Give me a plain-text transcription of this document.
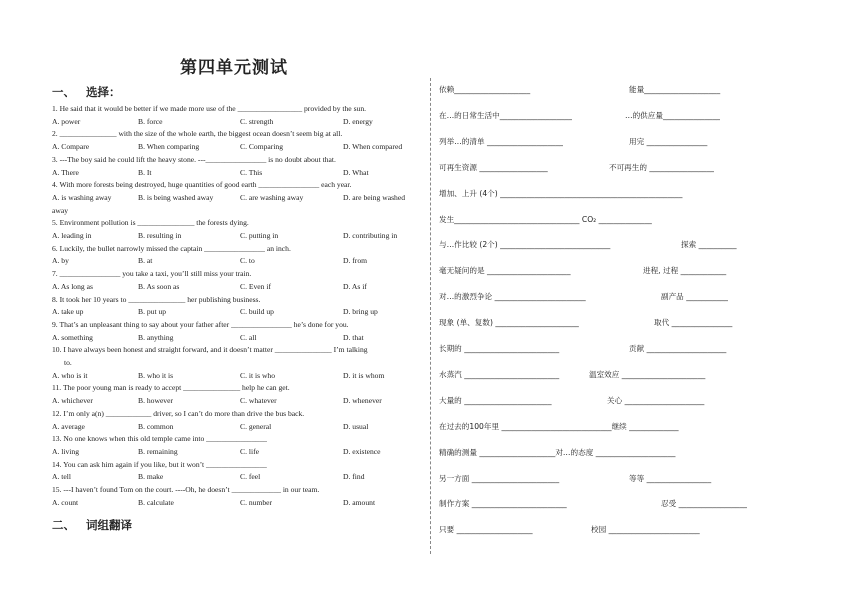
第四单元测试
一、 选择：
1. He said that it would be better if we made more use of the _________________ provided by the sun.
A. power	B. force	C. strength	D. energy
2. _______________ with the size of the whole earth, the biggest ocean doesn’t seem big at all.
A. Compare	B. When comparing	C. Comparing	D. When compared
3. ---The boy said he could lift the heavy stone. ---________________ is no doubt about that.
A. There	B. It	C. This	D. What
4. With more forests being destroyed, huge quantities of good earth ________________ each year.
A. is washing away	B. is being washed away	C. are washing away	D. are being washed
away
5. Environment pollution is _______________ the forests dying.
A. leading in	B. resulting in	C. putting in	D. contributing in
6. Luckily, the bullet narrowly missed the captain ________________ an inch.
A. by	B. at	C. to	D. from
7. ________________ you take a taxi, you’ll still miss your train.
A. As long as	B. As soon as	C. Even if	D. As if
8. It took her 10 years to _______________ her publishing business.
A. take up	B. put up	C. build up	D. bring up
9. That’s an unpleasant thing to say about your father after ________________ he’s done for you.
A. something	B. anything	C. all	D. that
10. I have always been honest and straight forward, and it doesn’t matter _______________ I’m talking
to.
A. who is it	B. who it is	C. it is who	D. it is whom
11. The poor young man is ready to accept _______________ help he can get.
A. whichever	B. however	C. whatever	D. whenever
12. I’m only a(n) ____________ driver, so I can’t do more than drive the bus back.
A. average	B. common	C. general	D. usual
13. No one knows when this old temple came into ________________
A. living	B. remaining	C. life	D. existence
14. You can ask him again if you like, but it won’t ________________
A. tell	B. make	C. feel	D. find
15. ---I haven’t found Tom on the court. ----Oh, he doesn’t _____________ in our team.
A. count	B. calculate	C. number	D. amount
二、 词组翻译
依赖____________________	能量____________________
在…的日常生活中___________________	…的供应量_______________
列举…的清单 ____________________	用完 ________________
可再生资源 __________________	不可再生的 _________________
增加、上升 (4个) ________________________________________________
发生_________________________________ CO₂ ______________
与…作比较 (2个) _____________________________	探索 __________
毫无疑问的是 ______________________	进程, 过程 ____________
对…的激烈争论 ________________________	副产品 ___________
现象 (单、复数) ______________________	取代 ________________
长期的 _________________________	贡献 _____________________
水蒸汽 _________________________	温室效应 ______________________
大量的 _______________________	关心 _____________________
在过去的100年里 _____________________________继续 _____________
精确的测量 ____________________对…的态度 _____________________
另一方面 _______________________	等等 _________________
制作方案 _________________________	忍受 __________________
只要 ____________________	校园 ________________________
